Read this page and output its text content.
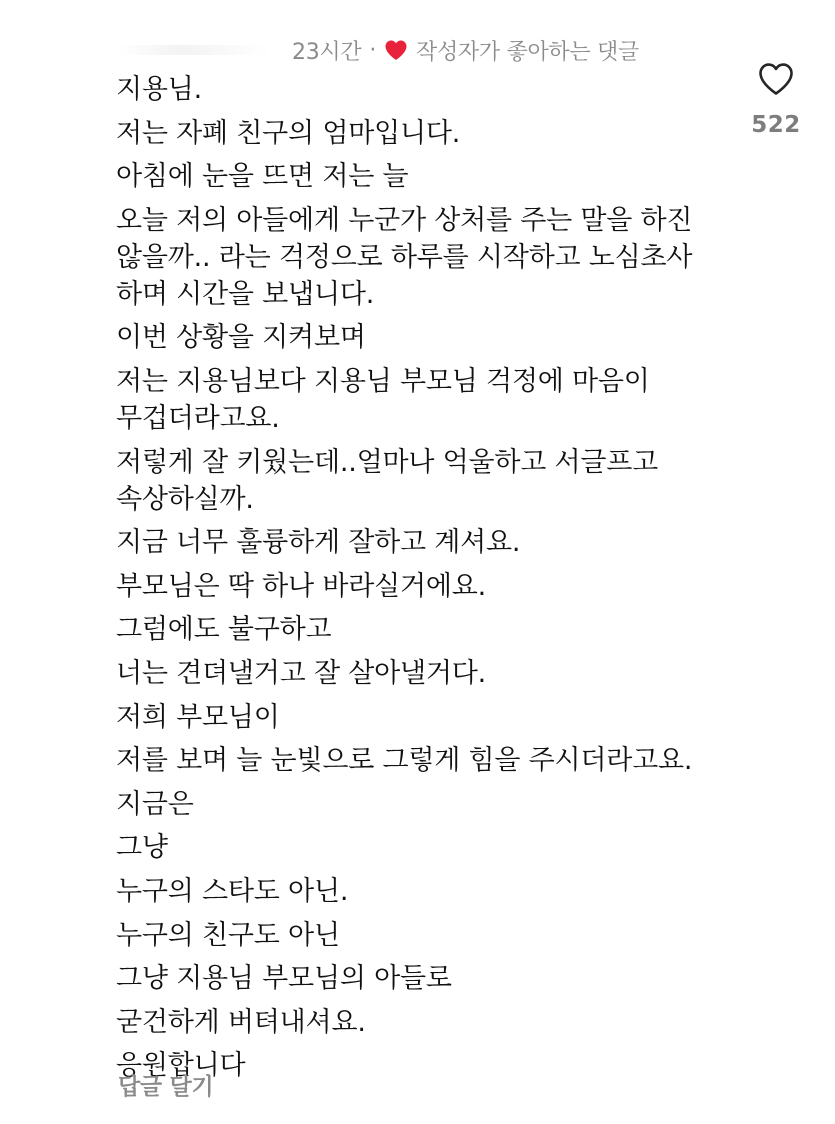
23시간 · 작성자가 좋아하는 댓글
지용님.
저는 자폐 친구의 엄마입니다.
아침에 눈을 뜨면 저는 늘
오늘 저의 아들에게 누군가 상처를 주는 말을 하진 않을까.. 라는 걱정으로 하루를 시작하고 노심초사 하며 시간을 보냅니다.
이번 상황을 지켜보며
저는 지용님보다 지용님 부모님 걱정에 마음이 무겁더라고요.
저렇게 잘 키웠는데..얼마나 억울하고 서글프고 속상하실까.
지금 너무 훌륭하게 잘하고 계셔요.
부모님은 딱 하나 바라실거에요.
그럼에도 불구하고
너는 견뎌낼거고 잘 살아낼거다.
저희 부모님이
저를 보며 늘 눈빛으로 그렇게 힘을 주시더라고요.
지금은
그냥
누구의 스타도 아닌.
누구의 친구도 아닌
그냥 지용님 부모님의 아들로
굳건하게 버텨내셔요.
응원합니다
522
답글 달기
